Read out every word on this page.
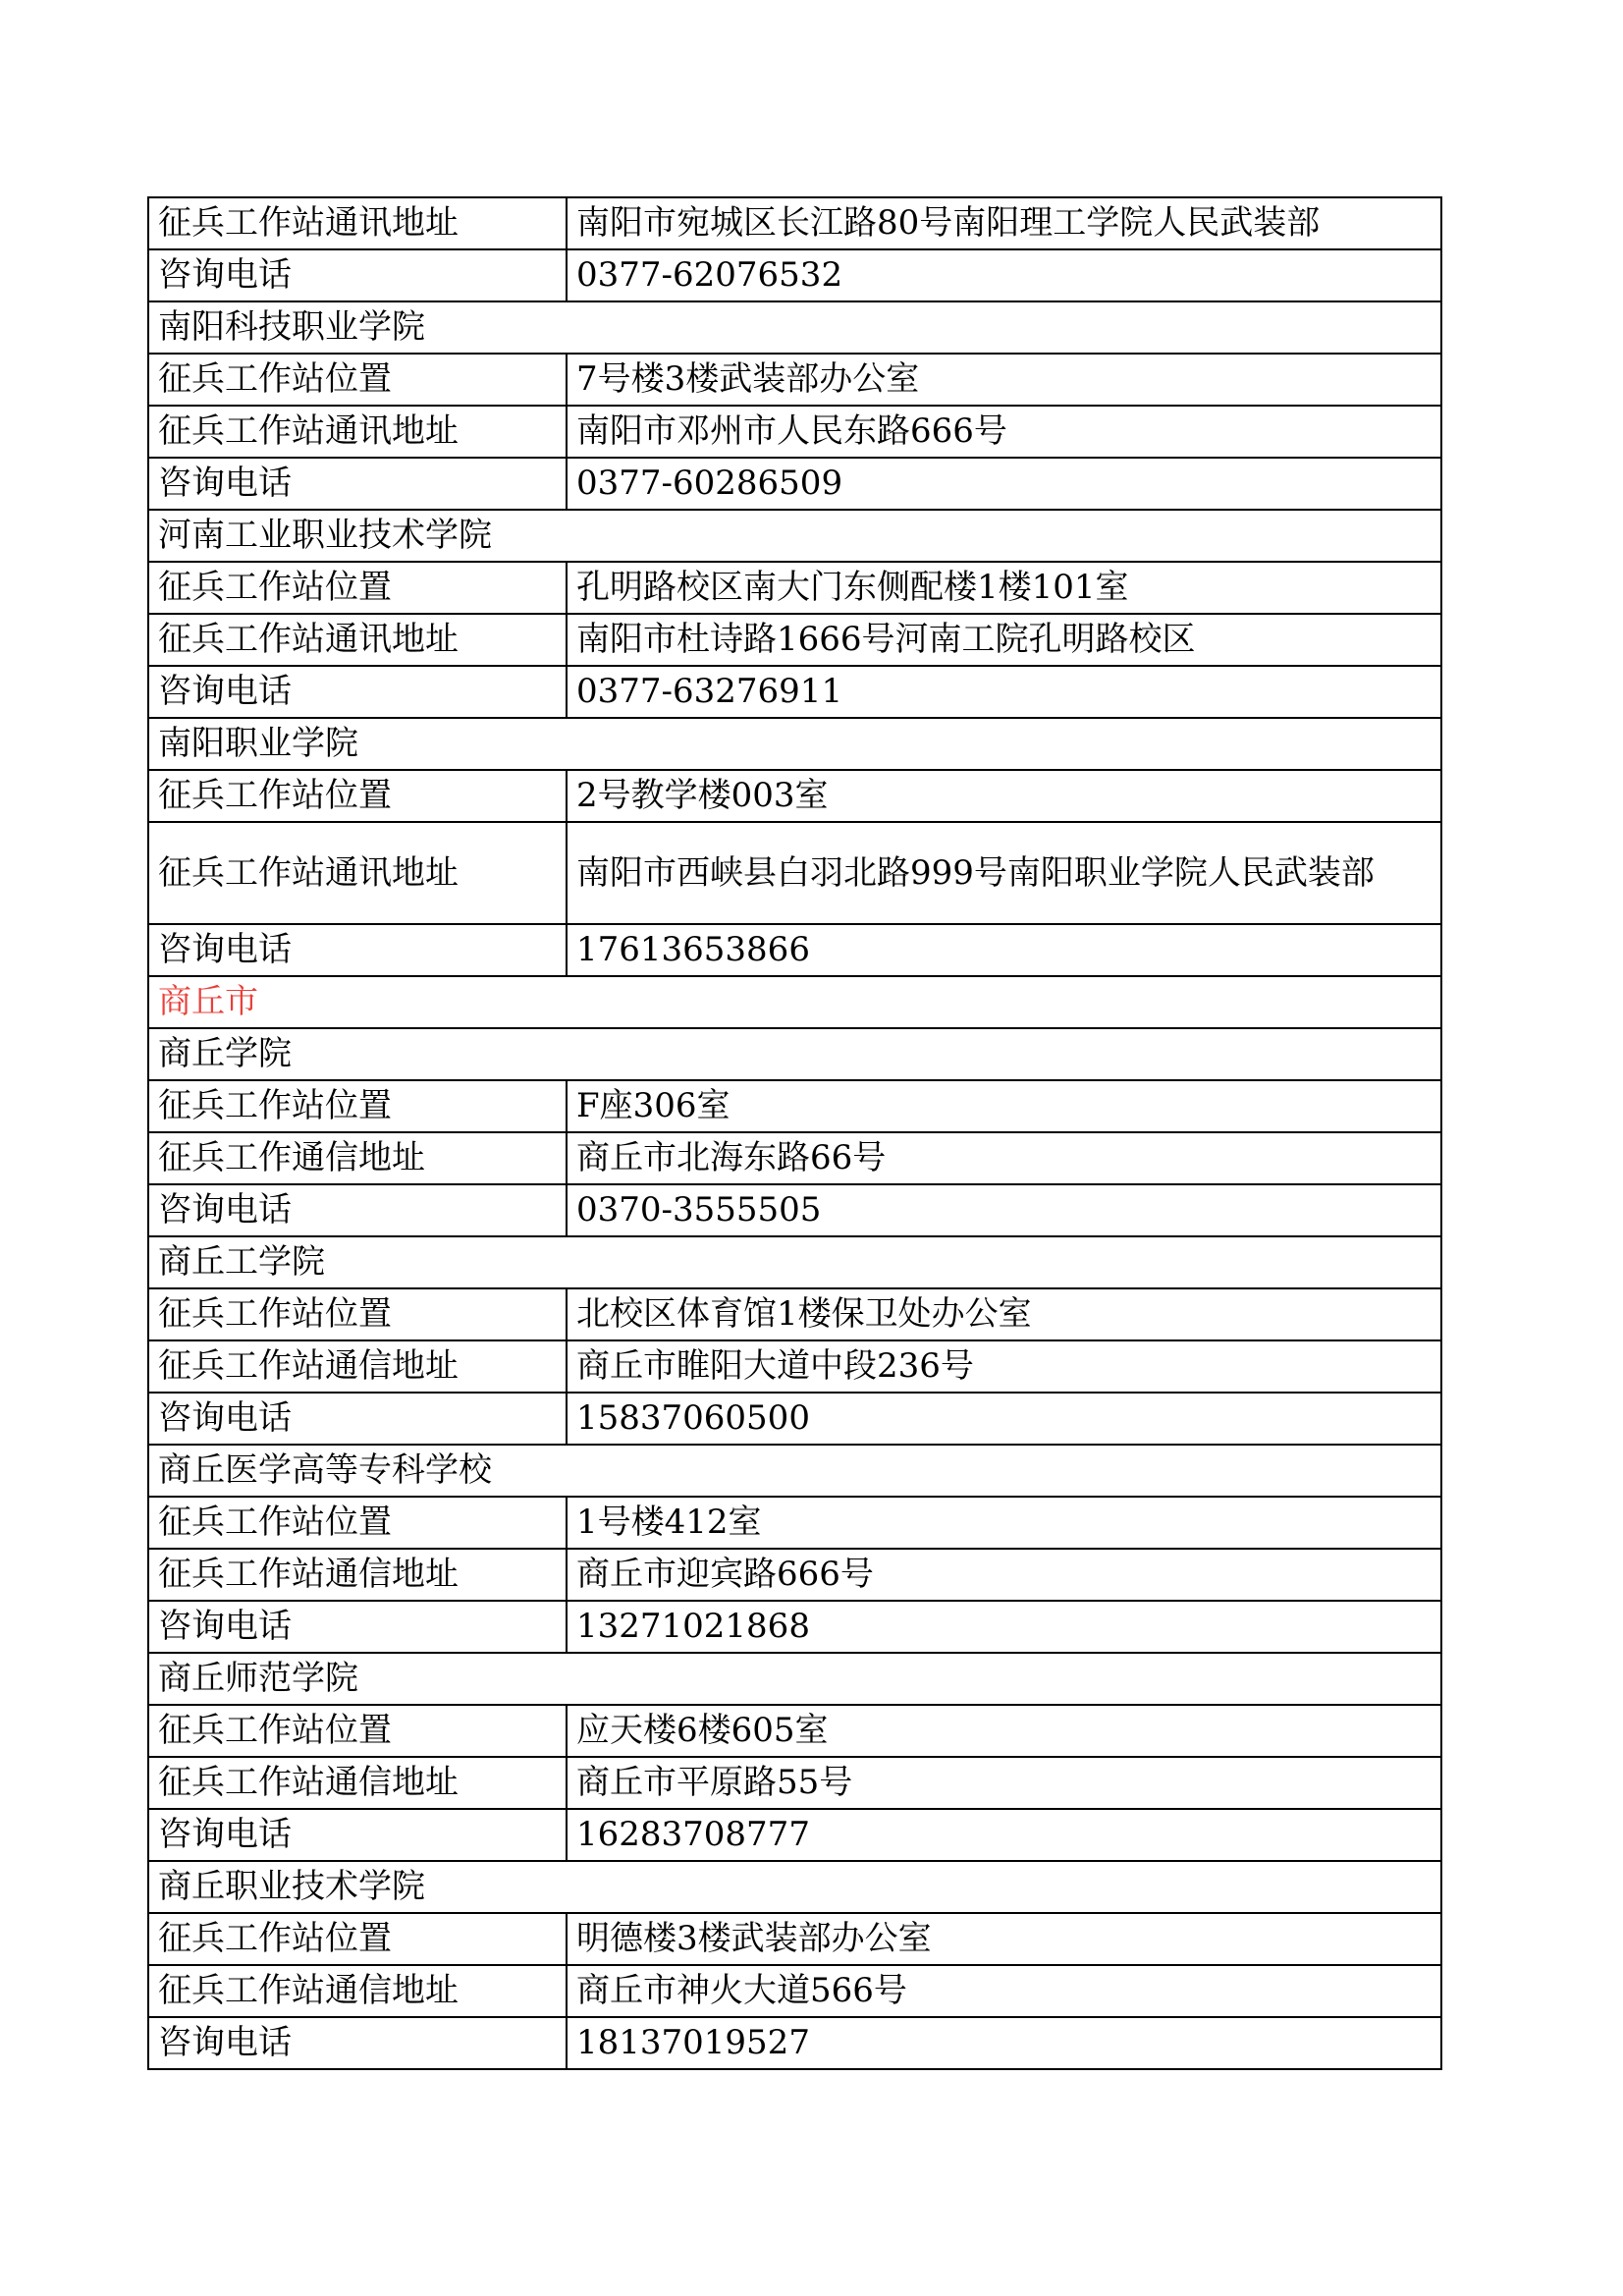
征兵工作站通讯地址	南阳市宛城区长江路80号南阳理工学院人民武装部
咨询电话	0377-62076532
南阳科技职业学院	
征兵工作站位置	7号楼3楼武装部办公室
征兵工作站通讯地址	南阳市邓州市人民东路666号
咨询电话	0377-60286509
河南工业职业技术学院	
征兵工作站位置	孔明路校区南大门东侧配楼1楼101室
征兵工作站通讯地址	南阳市杜诗路1666号河南工院孔明路校区
咨询电话	0377-63276911
南阳职业学院	
征兵工作站位置	2号教学楼003室
征兵工作站通讯地址	南阳市西峡县白羽北路999号南阳职业学院人民武装部
咨询电话	17613653866
商丘市	
商丘学院	
征兵工作站位置	F座306室
征兵工作通信地址	商丘市北海东路66号
咨询电话	0370-3555505
商丘工学院	
征兵工作站位置	北校区体育馆1楼保卫处办公室
征兵工作站通信地址	商丘市睢阳大道中段236号
咨询电话	15837060500
商丘医学高等专科学校	
征兵工作站位置	1号楼412室
征兵工作站通信地址	商丘市迎宾路666号
咨询电话	13271021868
商丘师范学院	
征兵工作站位置	应天楼6楼605室
征兵工作站通信地址	商丘市平原路55号
咨询电话	16283708777
商丘职业技术学院	
征兵工作站位置	明德楼3楼武装部办公室
征兵工作站通信地址	商丘市神火大道566号
咨询电话	18137019527
